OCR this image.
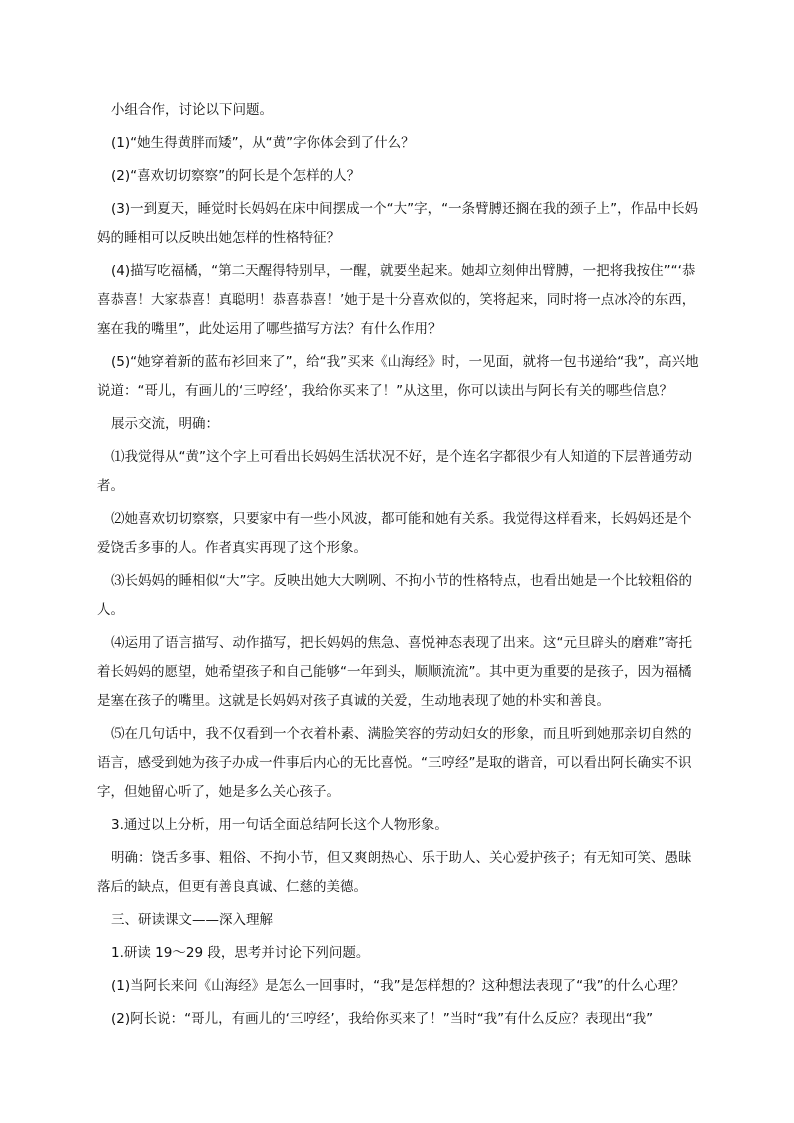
小组合作，讨论以下问题。

(1)“她生得黄胖而矮”，从“黄”字你体会到了什么？

(2)“喜欢切切察察”的阿长是个怎样的人？

(3)一到夏天，睡觉时长妈妈在床中间摆成一个“大”字，“一条臂膊还搁在我的颈子上”，作品中长妈妈的睡相可以反映出她怎样的性格特征？

(4)描写吃福橘，“第二天醒得特别早，一醒，就要坐起来。她却立刻伸出臂膊，一把将我按住”“‘恭喜恭喜！大家恭喜！真聪明！恭喜恭喜！’她于是十分喜欢似的，笑将起来，同时将一点冰冷的东西，塞在我的嘴里”，此处运用了哪些描写方法？有什么作用？

(5)“她穿着新的蓝布衫回来了”，给“我”买来《山海经》时，一见面，就将一包书递给“我”，高兴地说道：“哥儿，有画儿的‘三哼经’，我给你买来了！”从这里，你可以读出与阿长有关的哪些信息？

展示交流，明确：

⑴我觉得从“黄”这个字上可看出长妈妈生活状况不好，是个连名字都很少有人知道的下层普通劳动者。

⑵她喜欢切切察察，只要家中有一些小风波，都可能和她有关系。我觉得这样看来，长妈妈还是个爱饶舌多事的人。作者真实再现了这个形象。

⑶长妈妈的睡相似“大”字。反映出她大大咧咧、不拘小节的性格特点，也看出她是一个比较粗俗的人。

⑷运用了语言描写、动作描写，把长妈妈的焦急、喜悦神态表现了出来。这“元旦辟头的磨难”寄托着长妈妈的愿望，她希望孩子和自己能够“一年到头，顺顺流流”。其中更为重要的是孩子，因为福橘是塞在孩子的嘴里。这就是长妈妈对孩子真诚的关爱，生动地表现了她的朴实和善良。

⑸在几句话中，我不仅看到一个衣着朴素、满脸笑容的劳动妇女的形象，而且听到她那亲切自然的语言，感受到她为孩子办成一件事后内心的无比喜悦。“三哼经”是取的谐音，可以看出阿长确实不识字，但她留心听了，她是多么关心孩子。

3.通过以上分析，用一句话全面总结阿长这个人物形象。

明确：饶舌多事、粗俗、不拘小节，但又爽朗热心、乐于助人、关心爱护孩子；有无知可笑、愚昧落后的缺点，但更有善良真诚、仁慈的美德。

三、研读课文——深入理解

1.研读 19～29 段，思考并讨论下列问题。

(1)当阿长来问《山海经》是怎么一回事时，“我”是怎样想的？这种想法表现了“我”的什么心理？

(2)阿长说：“哥儿，有画儿的‘三哼经’，我给你买来了！”当时“我”有什么反应？表现出“我”
